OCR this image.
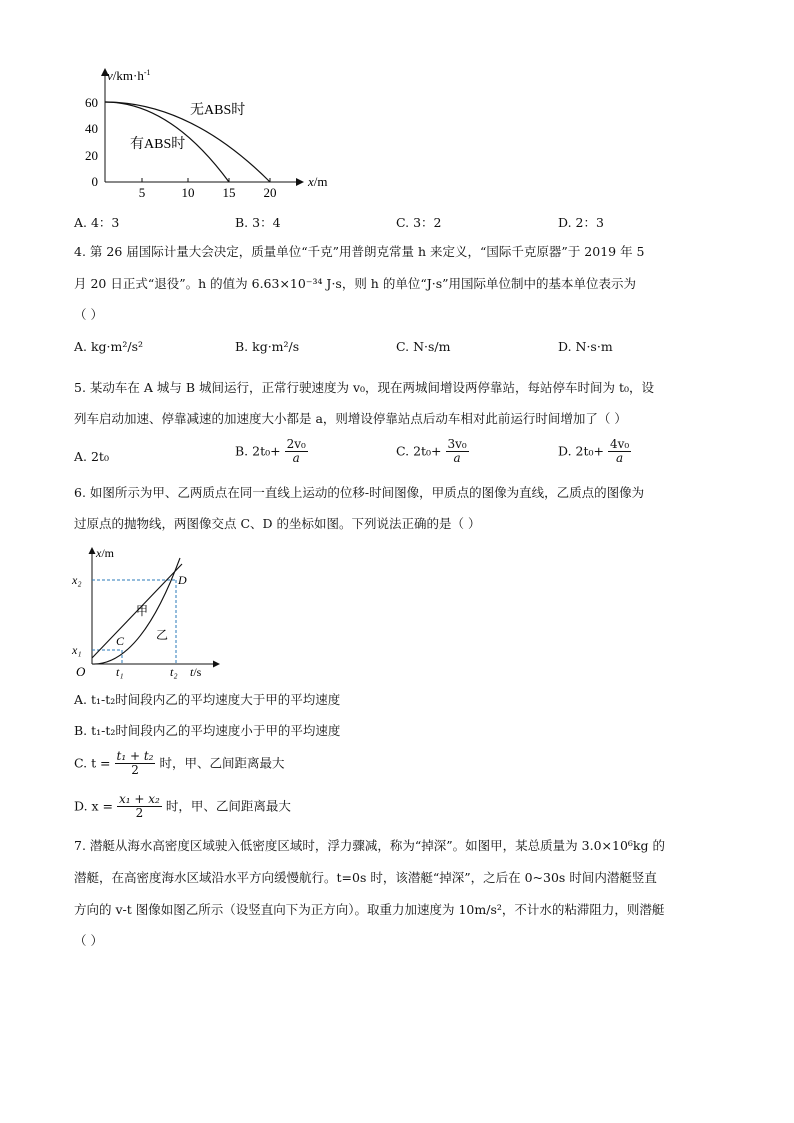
$v/km\cdot h^{-1}$
60
40
20
0
5	10 15 20
x/m
无ABS时
有ABS时
A. 4：3	B. 3：4	C. 3：2	D. 2：3
4. 第 26 届国际计量大会决定，质量单位“千克”用普朗克常量 h 来定义，“国际千克原器”于 2019 年 5
月 20 日正式“退役”。h 的值为 6.63×10⁻³⁴ J·s，则 h 的单位“J·s”用国际单位制中的基本单位表示为
（ ）
A. kg·m²/s²	B. kg·m²/s	C. N·s/m	D. N·s·m
5. 某动车在 A 城与 B 城间运行，正常行驶速度为 v₀，现在两城间增设两停靠站，每站停车时间为 t₀，设
列车启动加速、停靠减速的加速度大小都是 a，则增设停靠站点后动车相对此前运行时间增加了（ ）
A. 2t₀	B. $2t_0+ \frac{\text{2v₀}}{a}$	C. $2t_0+ \frac{\text{3v₀}}{a}$	D. $2t_0+ \frac{\text{4v₀}}{a}$
6. 如图所示为甲、乙两质点在同一直线上运动的位移-时间图像，甲质点的图像为直线，乙质点的图像为
过原点的抛物线，两图像交点 C、D 的坐标如图。下列说法正确的是（ ）
x/m
t/s
O
x₂
x₁
t₁	t₂
C
D
甲
乙
A. t₁-t₂时间段内乙的平均速度大于甲的平均速度
B. t₁-t₂时间段内乙的平均速度小于甲的平均速度
C. $t = \frac{\text{t₁ + t₂}}{2}$ 时，甲、乙间距离最大
D. $x = \frac{\text{x₁ + x₂}}{2}$ 时，甲、乙间距离最大
7. 潜艇从海水高密度区域驶入低密度区域时，浮力骤减，称为“掉深”。如图甲，某总质量为 3.0×10⁶kg 的
潜艇，在高密度海水区域沿水平方向缓慢航行。t=0s 时，该潜艇“掉深”，之后在 0~30s 时间内潜艇竖直
方向的 v-t 图像如图乙所示（设竖直向下为正方向）。取重力加速度为 10m/s²，不计水的粘滞阻力，则潜艇
（ ）
